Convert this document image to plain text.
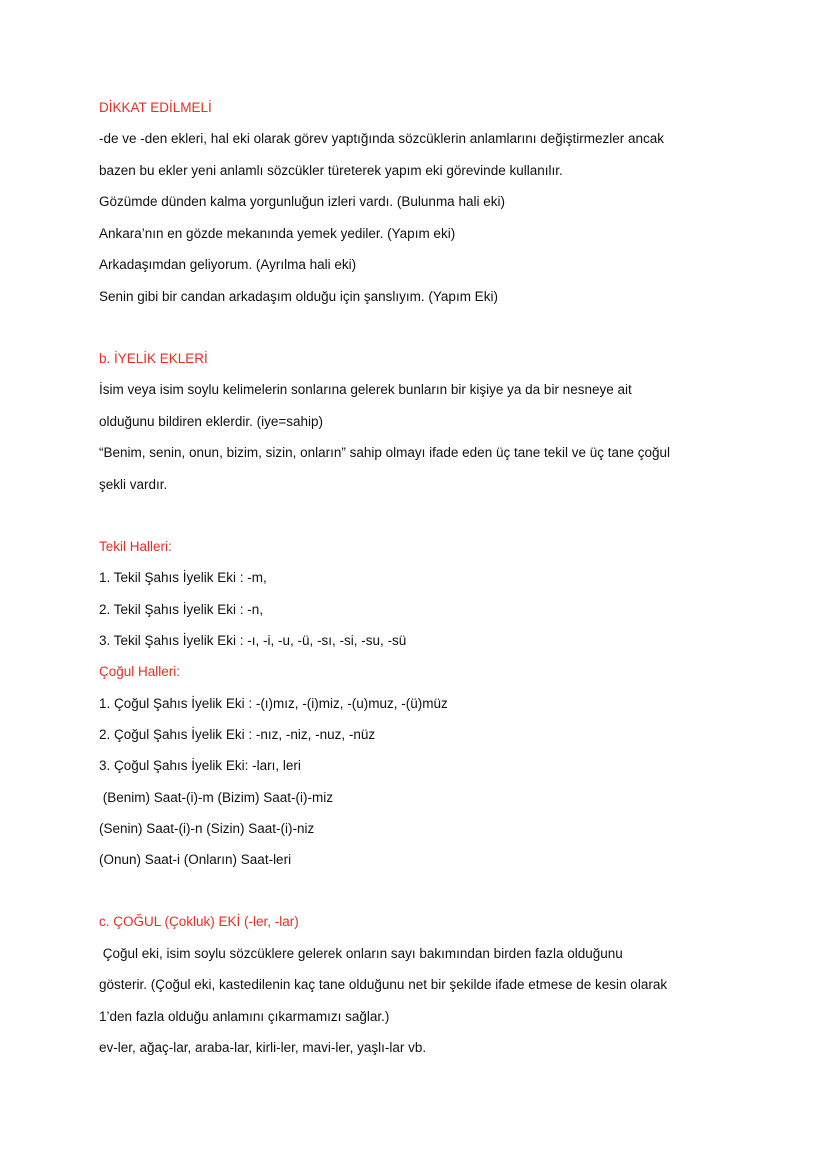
DİKKAT EDİLMELİ
-de ve -den ekleri, hal eki olarak görev yaptığında sözcüklerin anlamlarını değiştirmezler ancak
bazen bu ekler yeni anlamlı sözcükler türeterek yapım eki görevinde kullanılır.
Gözümde dünden kalma yorgunluğun izleri vardı. (Bulunma hali eki)
Ankara’nın en gözde mekanında yemek yediler. (Yapım eki)
Arkadaşımdan geliyorum. (Ayrılma hali eki)
Senin gibi bir candan arkadaşım olduğu için şanslıyım. (Yapım Eki)
b. İYELİK EKLERİ
İsim veya isim soylu kelimelerin sonlarına gelerek bunların bir kişiye ya da bir nesneye ait
olduğunu bildiren eklerdir. (iye=sahip)
“Benim, senin, onun, bizim, sizin, onların” sahip olmayı ifade eden üç tane tekil ve üç tane çoğul
şekli vardır.
Tekil Halleri:
1. Tekil Şahıs İyelik Eki : -m,
2. Tekil Şahıs İyelik Eki : -n,
3. Tekil Şahıs İyelik Eki : -ı, -i, -u, -ü, -sı, -si, -su, -sü
Çoğul Halleri:
1. Çoğul Şahıs İyelik Eki : -(ı)mız, -(i)miz, -(u)muz, -(ü)müz
2. Çoğul Şahıs İyelik Eki : -nız, -niz, -nuz, -nüz
3. Çoğul Şahıs İyelik Eki: -ları, leri
(Benim) Saat-(i)-m (Bizim) Saat-(i)-miz
(Senin) Saat-(i)-n (Sizin) Saat-(i)-niz
(Onun) Saat-i (Onların) Saat-leri
c. ÇOĞUL (Çokluk) EKİ (-ler, -lar)
Çoğul eki, isim soylu sözcüklere gelerek onların sayı bakımından birden fazla olduğunu
gösterir. (Çoğul eki, kastedilenin kaç tane olduğunu net bir şekilde ifade etmese de kesin olarak
1’den fazla olduğu anlamını çıkarmamızı sağlar.)
ev-ler, ağaç-lar, araba-lar, kirli-ler, mavi-ler, yaşlı-lar vb.
